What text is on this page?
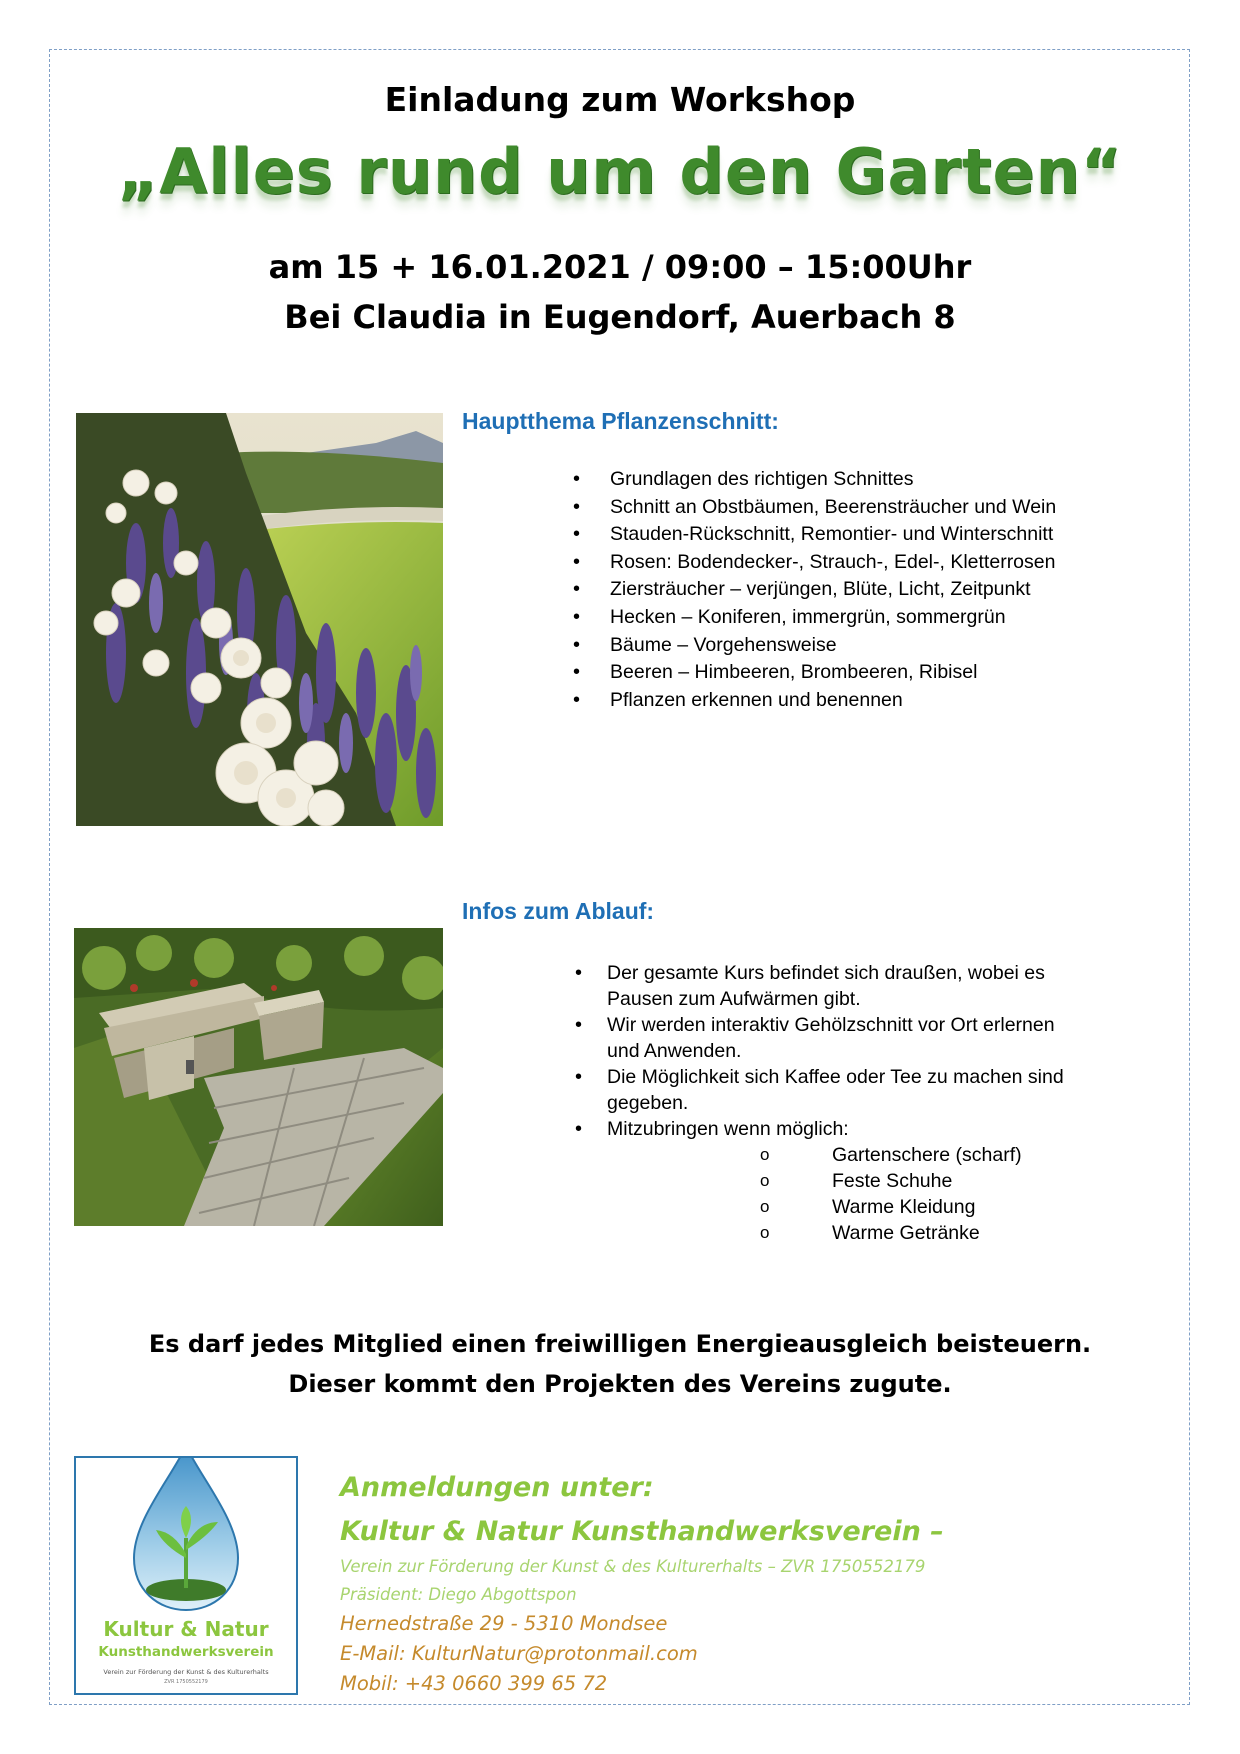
Einladung zum Workshop
„Alles rund um den Garten“
am 15 + 16.01.2021 / 09:00 – 15:00Uhr
Bei Claudia in Eugendorf, Auerbach 8
Hauptthema Pflanzenschnitt:
• Grundlagen des richtigen Schnittes
• Schnitt an Obstbäumen, Beerensträucher und Wein
• Stauden-Rückschnitt, Remontier- und Winterschnitt
• Rosen: Bodendecker-, Strauch-, Edel-, Kletterrosen
• Ziersträucher – verjüngen, Blüte, Licht, Zeitpunkt
• Hecken – Koniferen, immergrün, sommergrün
• Bäume – Vorgehensweise
• Beeren – Himbeeren, Brombeeren, Ribisel
• Pflanzen erkennen und benennen
Infos zum Ablauf:
• Der gesamte Kurs befindet sich draußen, wobei es Pausen zum Aufwärmen gibt.
• Wir werden interaktiv Gehölzschnitt vor Ort erlernen und Anwenden.
• Die Möglichkeit sich Kaffee oder Tee zu machen sind gegeben.
• Mitzubringen wenn möglich:
o Gartenschere (scharf)
o Feste Schuhe
o Warme Kleidung
o Warme Getränke
Es darf jedes Mitglied einen freiwilligen Energieausgleich beisteuern.
Dieser kommt den Projekten des Vereins zugute.
Kultur & Natur
Kunsthandwerksverein
Verein zur Förderung der Kunst & des Kulturerhalts
ZVR 1750552179
Anmeldungen unter:
Kultur & Natur Kunsthandwerksverein –
Verein zur Förderung der Kunst & des Kulturerhalts – ZVR 1750552179
Präsident: Diego Abgottspon
Hernedstraße 29 - 5310 Mondsee
E-Mail: KulturNatur@protonmail.com
Mobil: +43 0660 399 65 72
